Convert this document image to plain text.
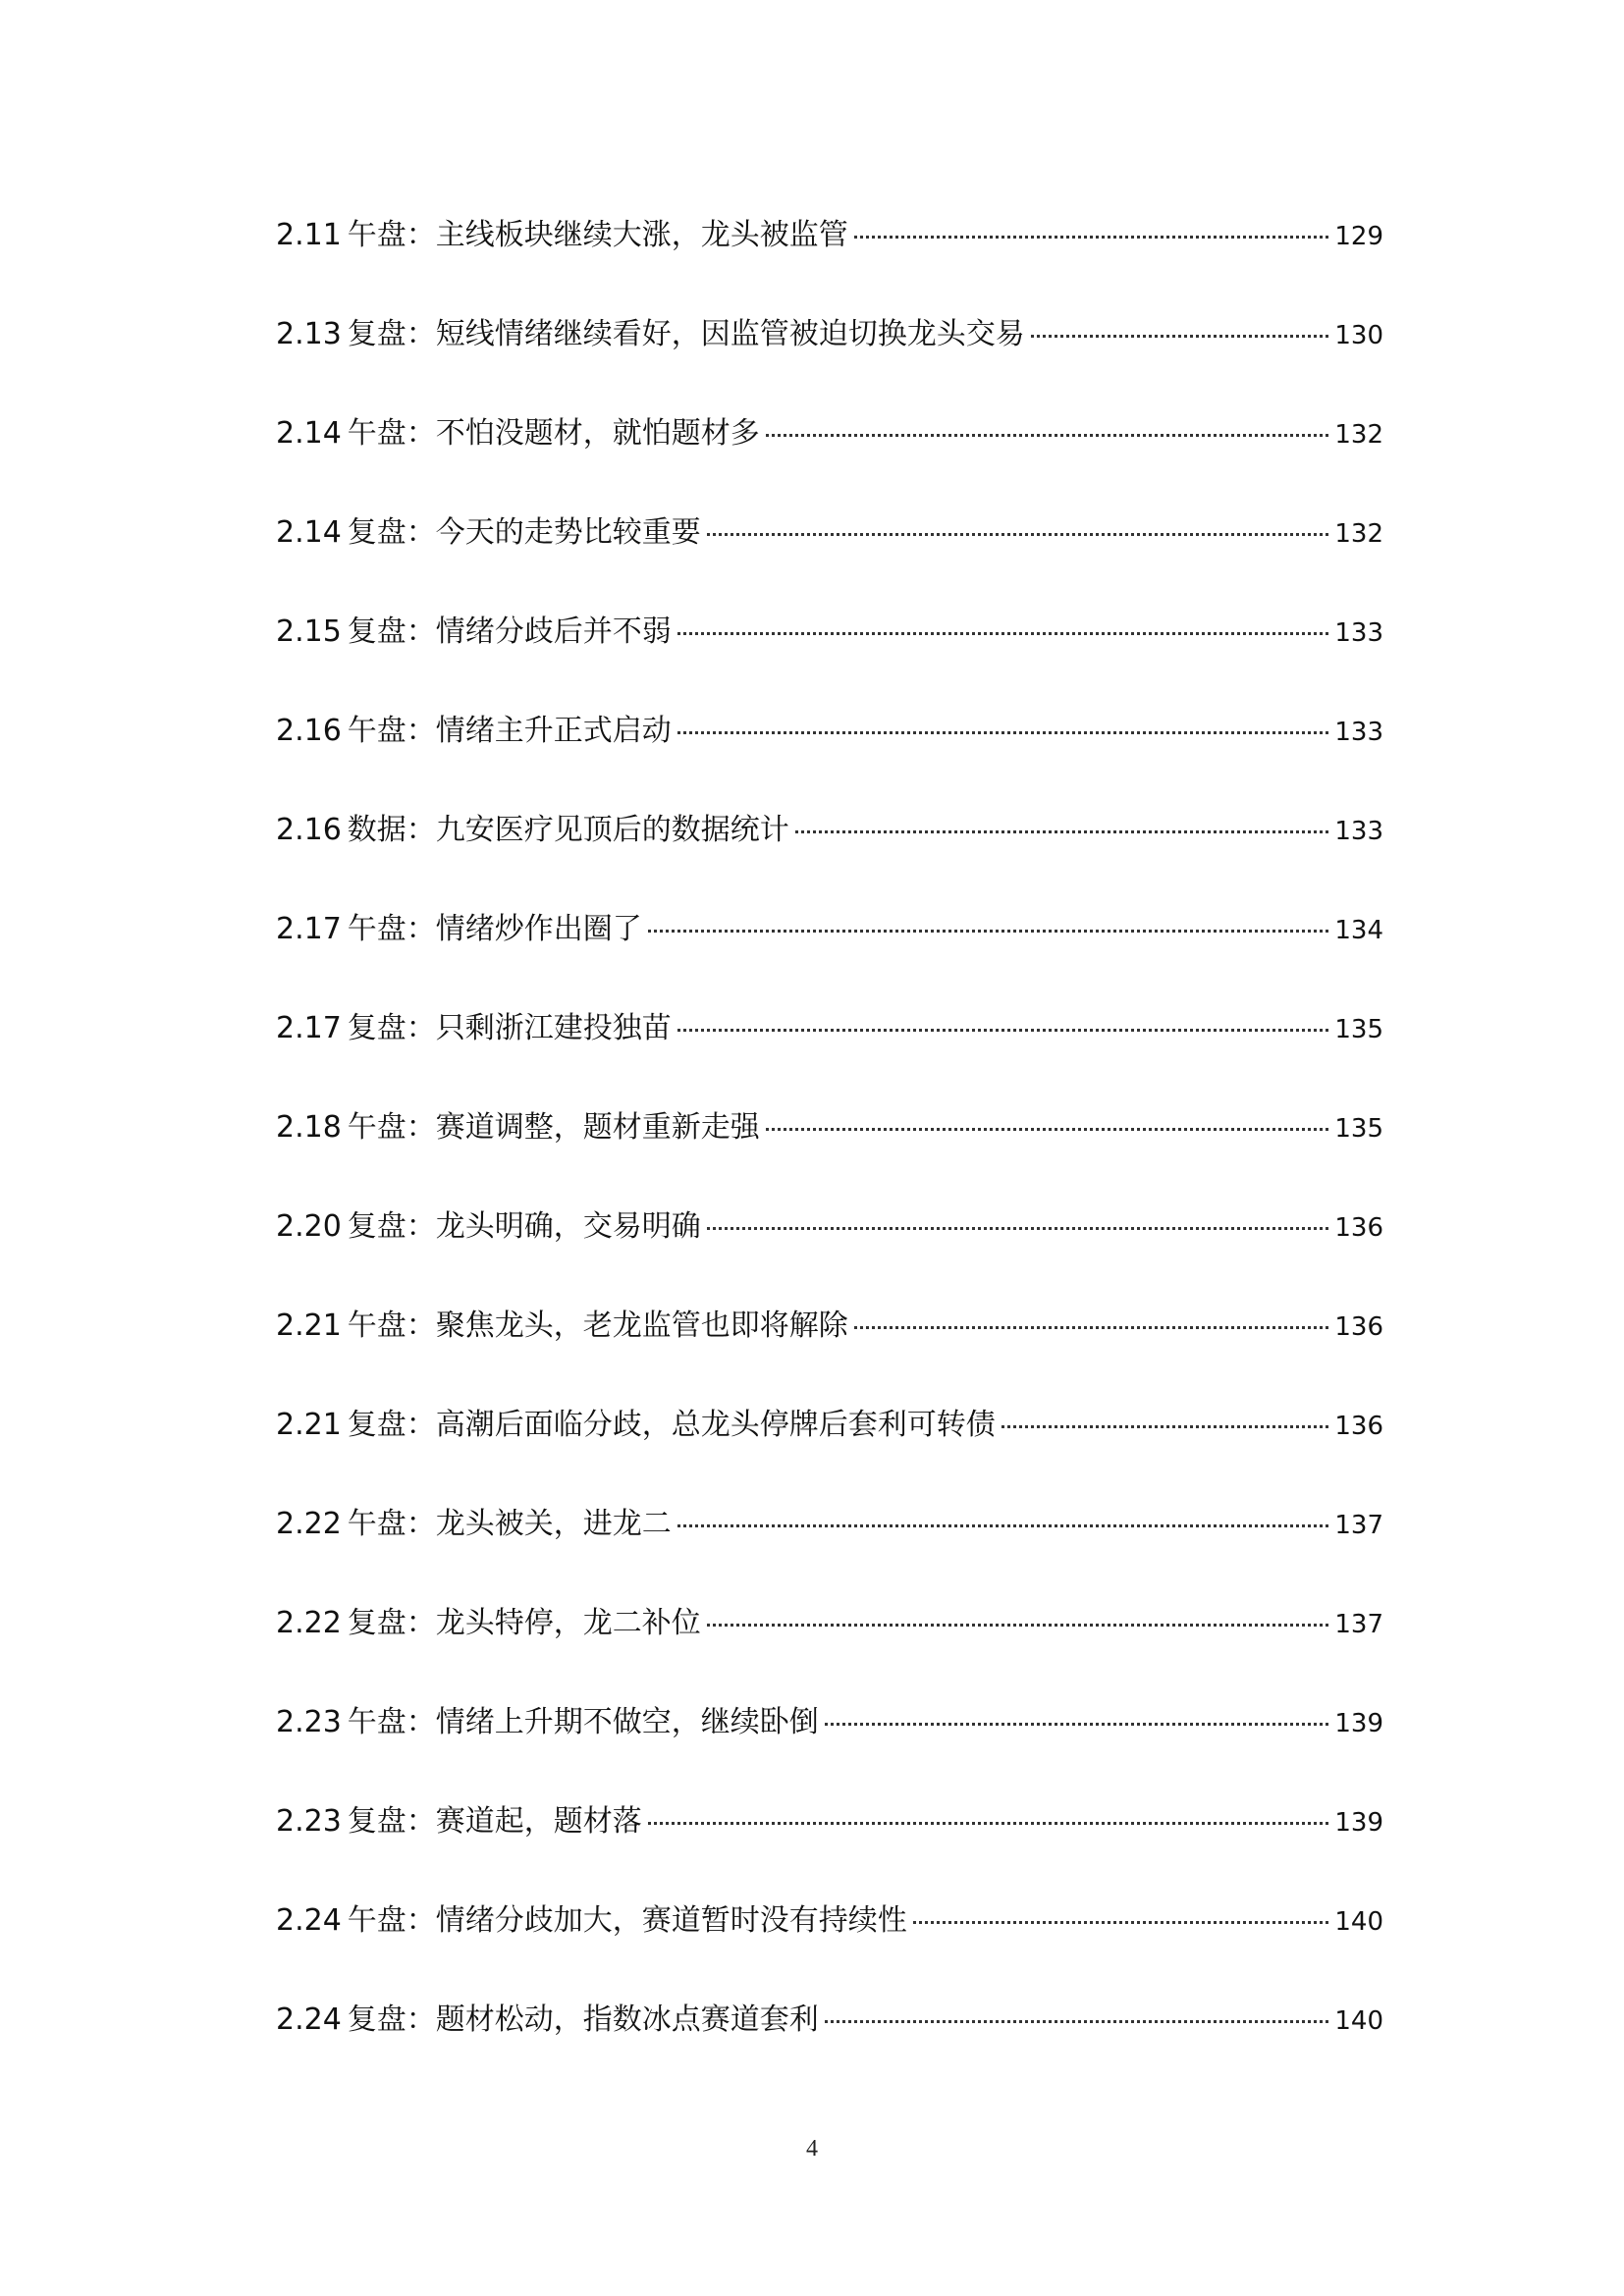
2.11 午盘 ： 主线板块继续大涨，龙头被监管	129
2.13 复盘 ： 短线情绪继续看好，因监管被迫切换龙头交易	130
2.14 午盘 ： 不怕没题材，就怕题材多	132
2.14 复盘 ： 今天的走势比较重要	132
2.15 复盘 ： 情绪分歧后并不弱	133
2.16 午盘 ： 情绪主升正式启动	133
2.16 数据 ： 九安医疗见顶后的数据统计	133
2.17 午盘 ： 情绪炒作出圈了	134
2.17 复盘 ： 只剩浙江建投独苗	135
2.18 午盘 ： 赛道调整，题材重新走强	135
2.20 复盘 ： 龙头明确，交易明确	136
2.21 午盘 ： 聚焦龙头，老龙监管也即将解除	136
2.21 复盘 ： 高潮后面临分歧，总龙头停牌后套利可转债	136
2.22 午盘 ： 龙头被关，进龙二	137
2.22 复盘 ： 龙头特停，龙二补位	137
2.23 午盘 ： 情绪上升期不做空，继续卧倒	139
2.23 复盘 ： 赛道起，题材落	139
2.24 午盘 ： 情绪分歧加大，赛道暂时没有持续性	140
2.24 复盘 ： 题材松动，指数冰点赛道套利	140
4
